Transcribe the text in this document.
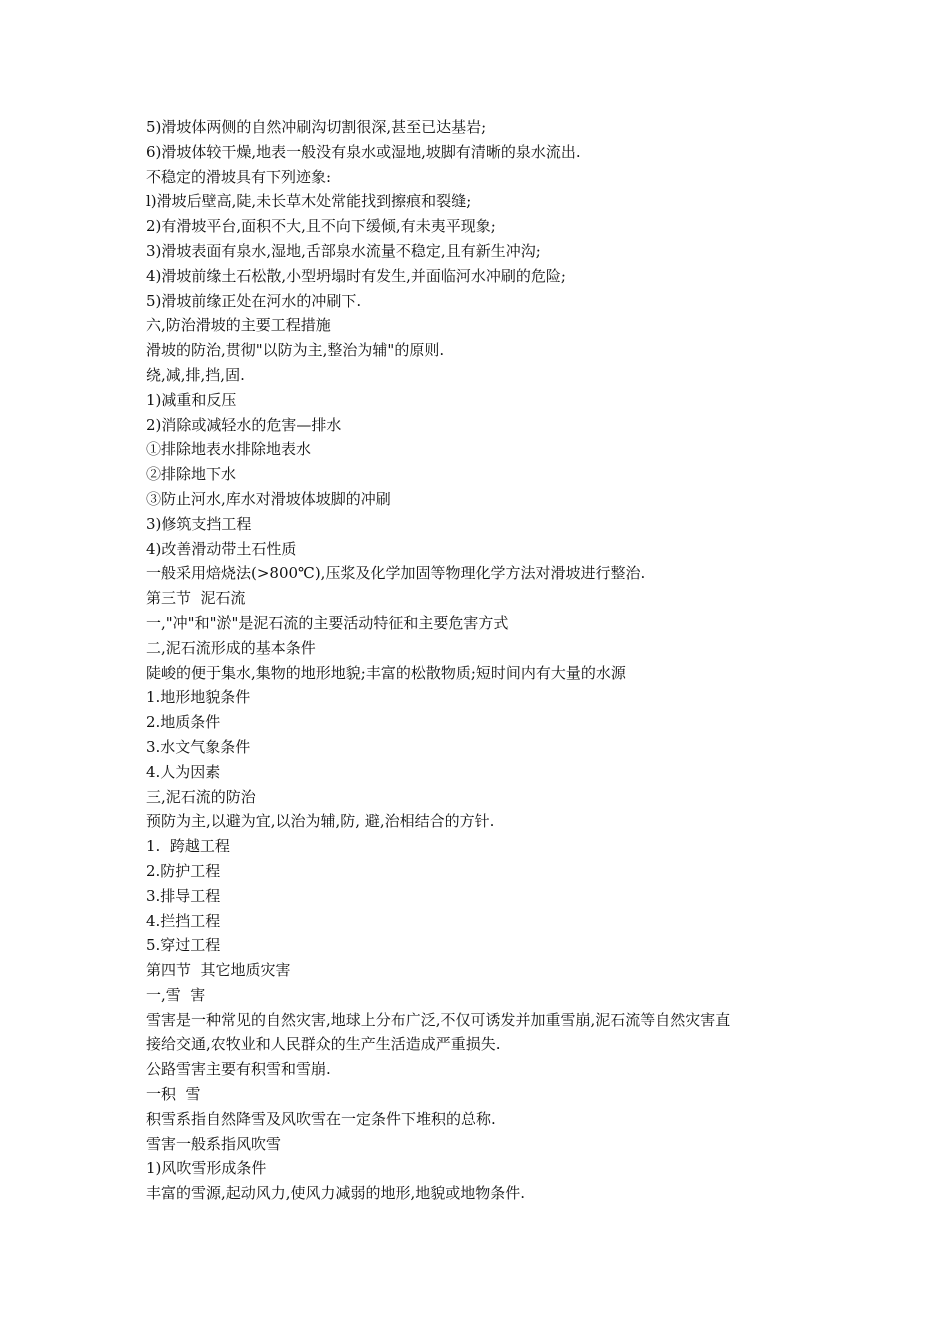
5)滑坡体两侧的自然冲刷沟切割很深,甚至已达基岩;
6)滑坡体较干燥,地表一般没有泉水或湿地,坡脚有清晰的泉水流出.
不稳定的滑坡具有下列迹象:
l)滑坡后壁高,陡,未长草木处常能找到擦痕和裂缝;
2)有滑坡平台,面积不大,且不向下缓倾,有未夷平现象;
3)滑坡表面有泉水,湿地,舌部泉水流量不稳定,且有新生冲沟;
4)滑坡前缘土石松散,小型坍塌时有发生,并面临河水冲刷的危险;
5)滑坡前缘正处在河水的冲刷下.
六,防治滑坡的主要工程措施
滑坡的防治,贯彻"以防为主,整治为辅"的原则.
绕,减,排,挡,固.
1)减重和反压
2)消除或减轻水的危害—排水
①排除地表水排除地表水
②排除地下水
③防止河水,库水对滑坡体坡脚的冲刷
3)修筑支挡工程
4)改善滑动带土石性质
一般采用焙烧法(>800℃),压浆及化学加固等物理化学方法对滑坡进行整治.
第三节  泥石流
一,"冲"和"淤"是泥石流的主要活动特征和主要危害方式
二,泥石流形成的基本条件
陡峻的便于集水,集物的地形地貌;丰富的松散物质;短时间内有大量的水源
1.地形地貌条件
2.地质条件
3.水文气象条件
4.人为因素
三,泥石流的防治
预防为主,以避为宜,以治为辅,防, 避,治相结合的方针.
1.  跨越工程
2.防护工程
3.排导工程
4.拦挡工程
5.穿过工程
第四节  其它地质灾害
一,雪  害
雪害是一种常见的自然灾害,地球上分布广泛,不仅可诱发并加重雪崩,泥石流等自然灾害直
接给交通,农牧业和人民群众的生产生活造成严重损失.
公路雪害主要有积雪和雪崩.
一积  雪
积雪系指自然降雪及风吹雪在一定条件下堆积的总称.
雪害一般系指风吹雪
1)风吹雪形成条件
丰富的雪源,起动风力,使风力减弱的地形,地貌或地物条件.
